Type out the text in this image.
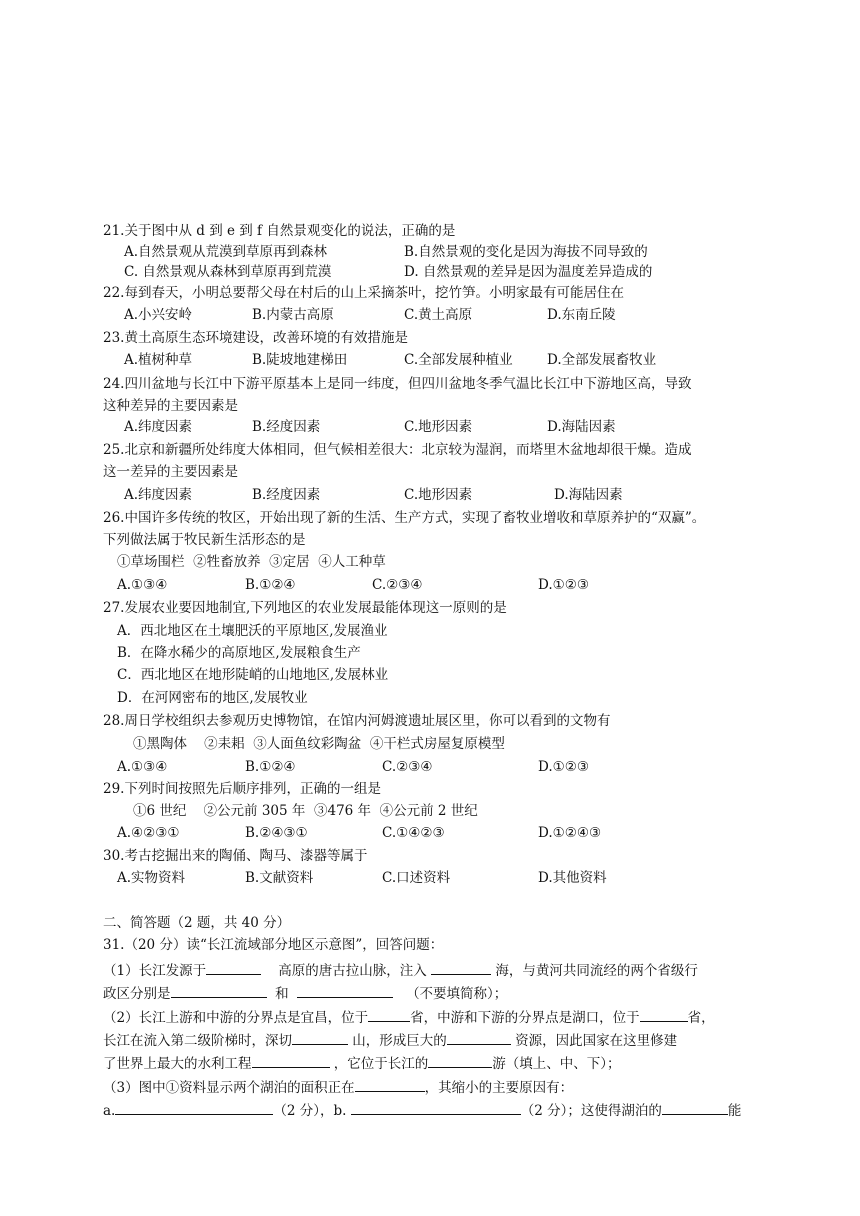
21.关于图中从 d 到 e 到 f 自然景观变化的说法，正确的是
A.自然景观从荒漠到草原再到森林	B.自然景观的变化是因为海拔不同导致的
C. 自然景观从森林到草原再到荒漠	D. 自然景观的差异是因为温度差异造成的
22.每到春天，小明总要帮父母在村后的山上采摘茶叶，挖竹笋。小明家最有可能居住在
A.小兴安岭	B.内蒙古高原	C.黄土高原	D.东南丘陵
23.黄土高原生态环境建设，改善环境的有效措施是
A.植树种草	B.陡坡地建梯田	C.全部发展种植业	D.全部发展畜牧业
24.四川盆地与长江中下游平原基本上是同一纬度，但四川盆地冬季气温比长江中下游地区高，导致
这种差异的主要因素是
A.纬度因素	B.经度因素	C.地形因素	D.海陆因素
25.北京和新疆所处纬度大体相同，但气候相差很大：北京较为湿润，而塔里木盆地却很干燥。造成
这一差异的主要因素是
A.纬度因素	B.经度因素	C.地形因素	D.海陆因素
26.中国许多传统的牧区，开始出现了新的生活、生产方式，实现了畜牧业增收和草原养护的“双赢”。
下列做法属于牧民新生活形态的是
①草场围栏  ②牲畜放养  ③定居  ④人工种草
A.①③④	B.①②④	C.②③④	D.①②③
27.发展农业要因地制宜,下列地区的农业发展最能体现这一原则的是
A．西北地区在土壤肥沃的平原地区,发展渔业
B．在降水稀少的高原地区,发展粮食生产
C．西北地区在地形陡峭的山地地区,发展林业
D．在河网密布的地区,发展牧业
28.周日学校组织去参观历史博物馆，在馆内河姆渡遗址展区里，你可以看到的文物有
①黑陶体    ②耒耜  ③人面鱼纹彩陶盆  ④干栏式房屋复原模型
A.①③④	B.①②④	C.②③④	D.①②③
29.下列时间按照先后顺序排列，正确的一组是
①6 世纪    ②公元前 305 年  ③476 年  ④公元前 2 世纪
A.④②③①	B.②④③①	C.①④②③	D.①②④③
30.考古挖掘出来的陶俑、陶马、漆器等属于
A.实物资料	B.文献资料	C.口述资料	D.其他资料
二、简答题（2 题，共 40 分）
31.（20 分）读“长江流域部分地区示意图”，回答问题：
（1）长江发源于	高原的唐古拉山脉，注入	海，与黄河共同流经的两个省级行
政区分别是	和	（不要填简称）；
（2）长江上游和中游的分界点是宜昌，位于	省，中游和下游的分界点是湖口，位于	省，
长江在流入第二级阶梯时，深切	山，形成巨大的	资源，因此国家在这里修建
了世界上最大的水利工程	，它位于长江的	游（填上、中、下）；
（3）图中①资料显示两个湖泊的面积正在	，其缩小的主要原因有：
a.	（2 分），b.	（2 分）；这使得湖泊的	能
